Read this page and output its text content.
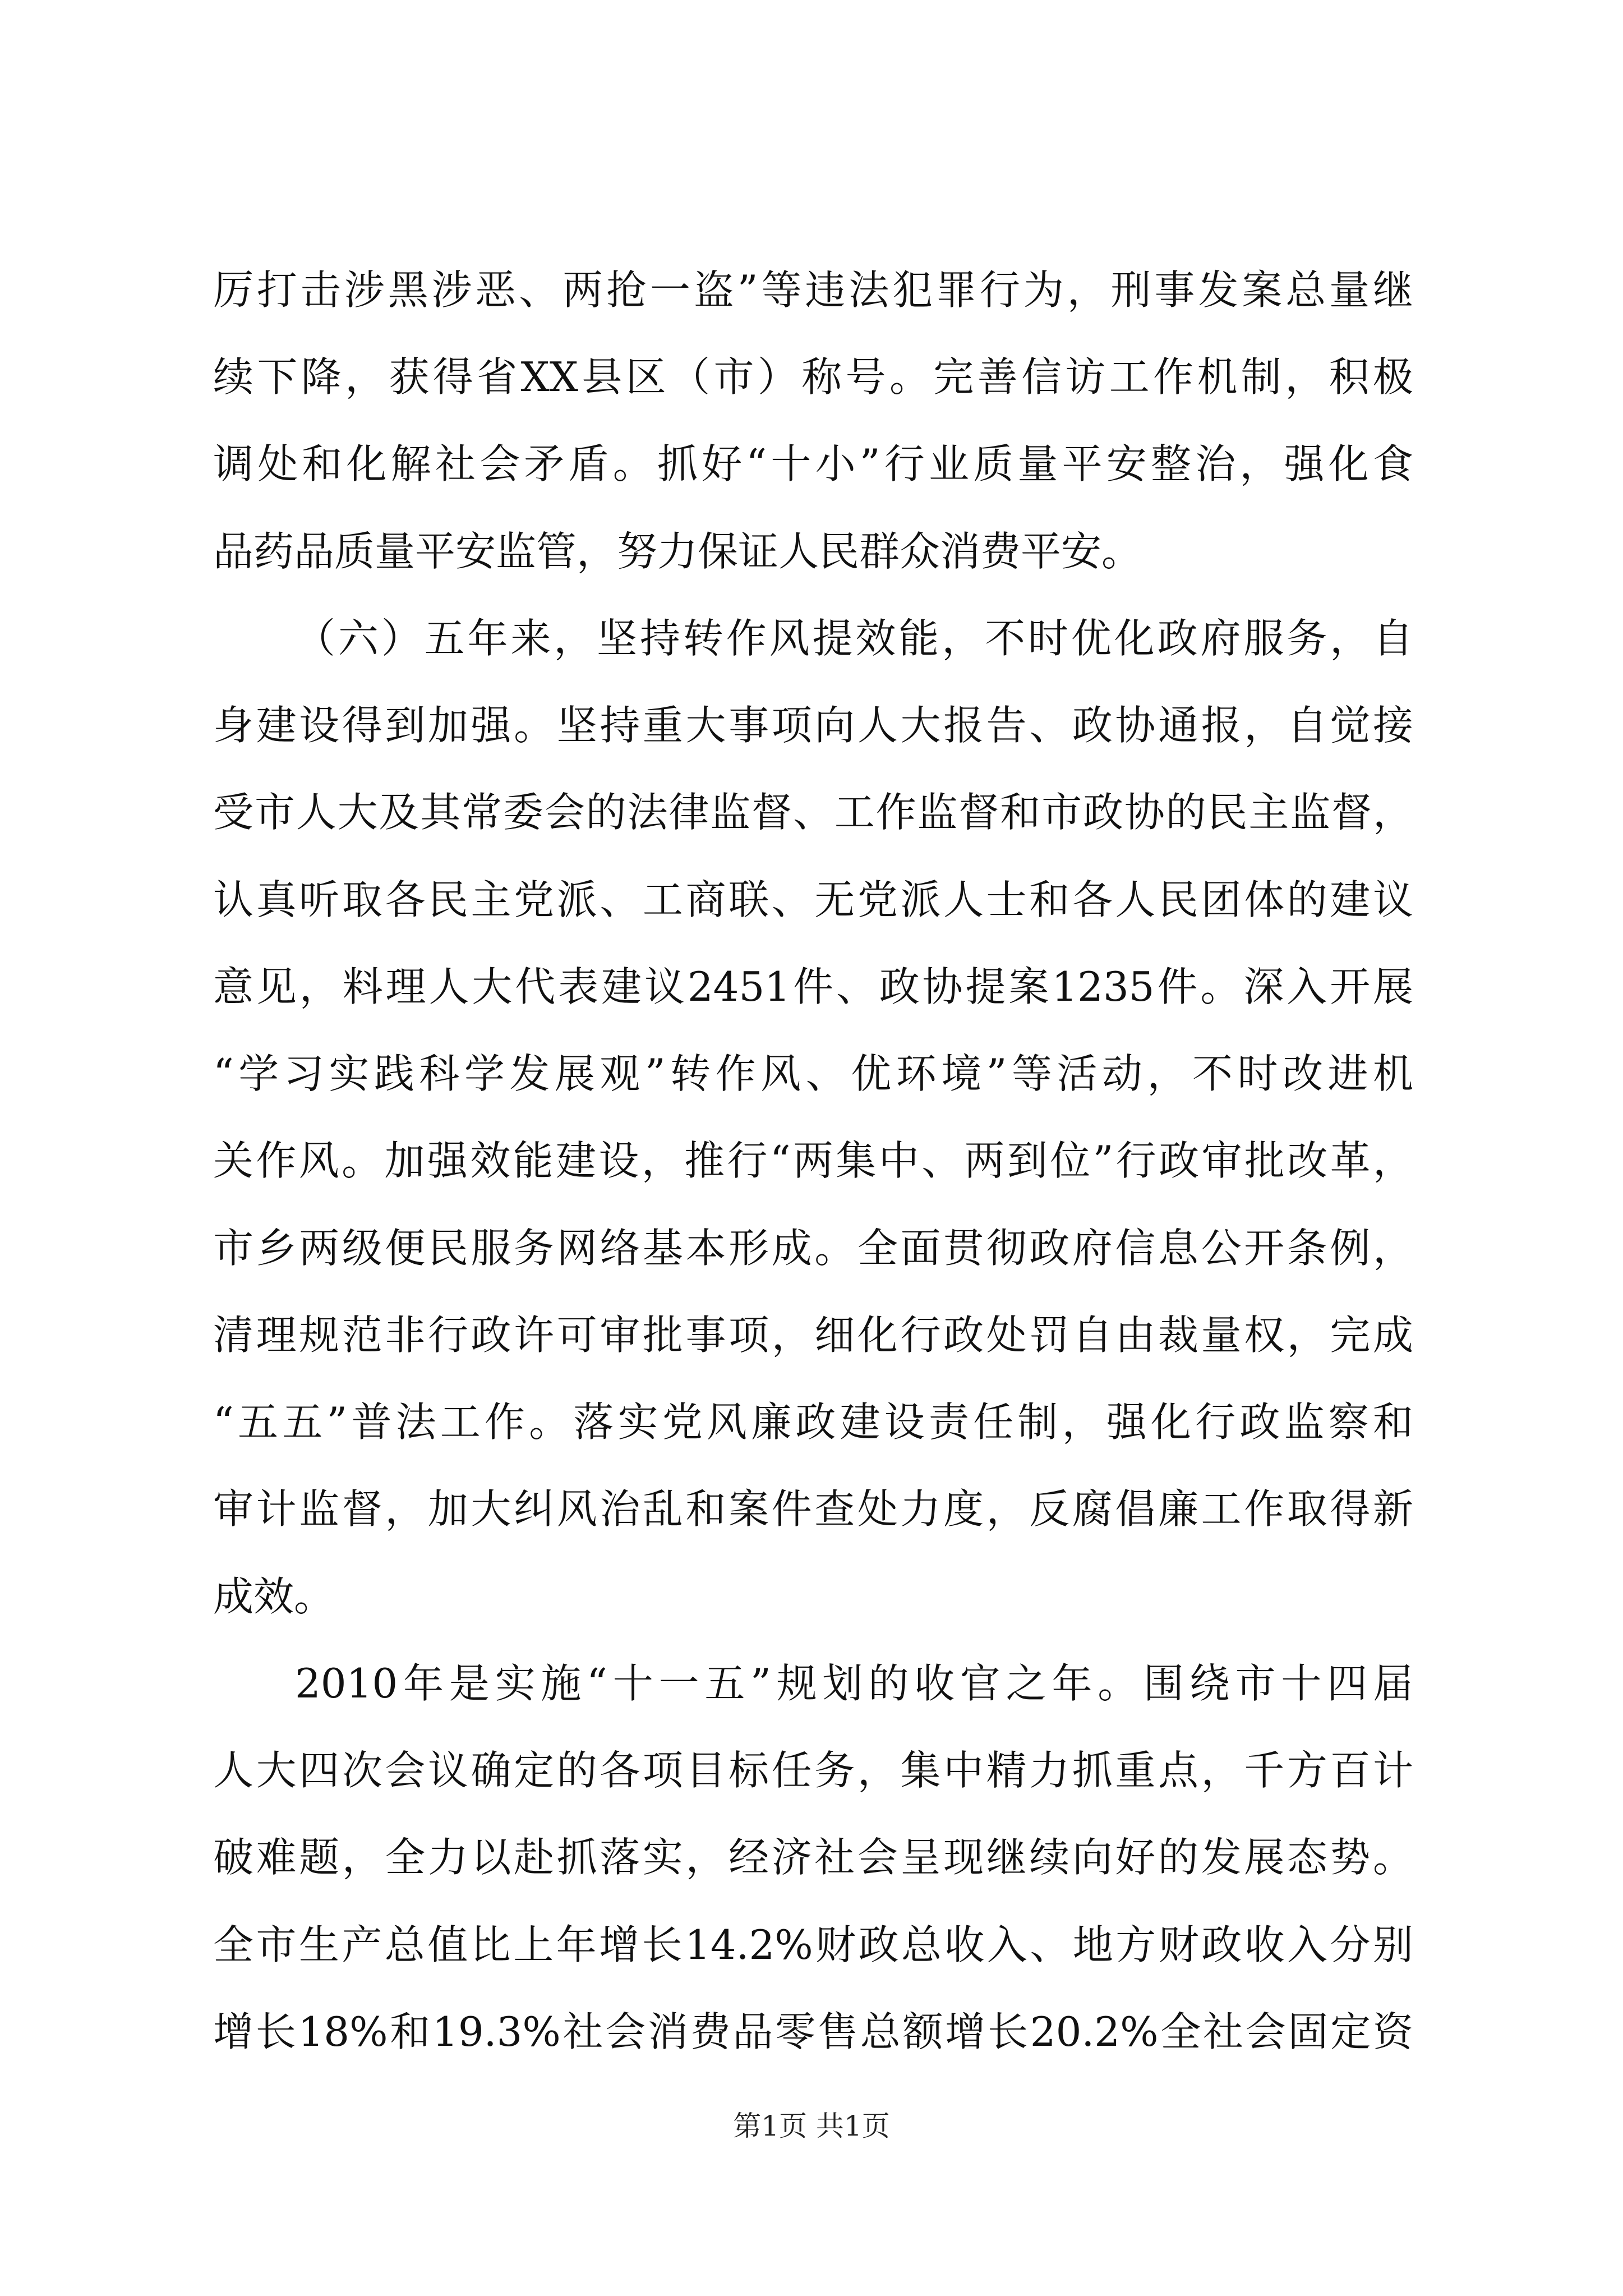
厉打击涉黑涉恶、两抢一盗”等违法犯罪行为，刑事发案总量继
续下降，获得省XX县区（市）称号。完善信访工作机制，积极
调处和化解社会矛盾。抓好“十小”行业质量平安整治，强化食
品药品质量平安监管，努力保证人民群众消费平安。
（六）五年来，坚持转作风提效能，不时优化政府服务，自
身建设得到加强。坚持重大事项向人大报告、政协通报，自觉接
受市人大及其常委会的法律监督、工作监督和市政协的民主监督，
认真听取各民主党派、工商联、无党派人士和各人民团体的建议
意见，料理人大代表建议2451件、政协提案1235件。深入开展
“学习实践科学发展观”转作风、优环境”等活动，不时改进机
关作风。加强效能建设，推行“两集中、两到位”行政审批改革，
市乡两级便民服务网络基本形成。全面贯彻政府信息公开条例，
清理规范非行政许可审批事项，细化行政处罚自由裁量权，完成
“五五”普法工作。落实党风廉政建设责任制，强化行政监察和
审计监督，加大纠风治乱和案件查处力度，反腐倡廉工作取得新
成效。
2010年是实施“十一五”规划的收官之年。围绕市十四届
人大四次会议确定的各项目标任务，集中精力抓重点，千方百计
破难题，全力以赴抓落实，经济社会呈现继续向好的发展态势。
全市生产总值比上年增长14.2%财政总收入、地方财政收入分别
增长18%和19.3%社会消费品零售总额增长20.2%全社会固定资
第1页 共1页
